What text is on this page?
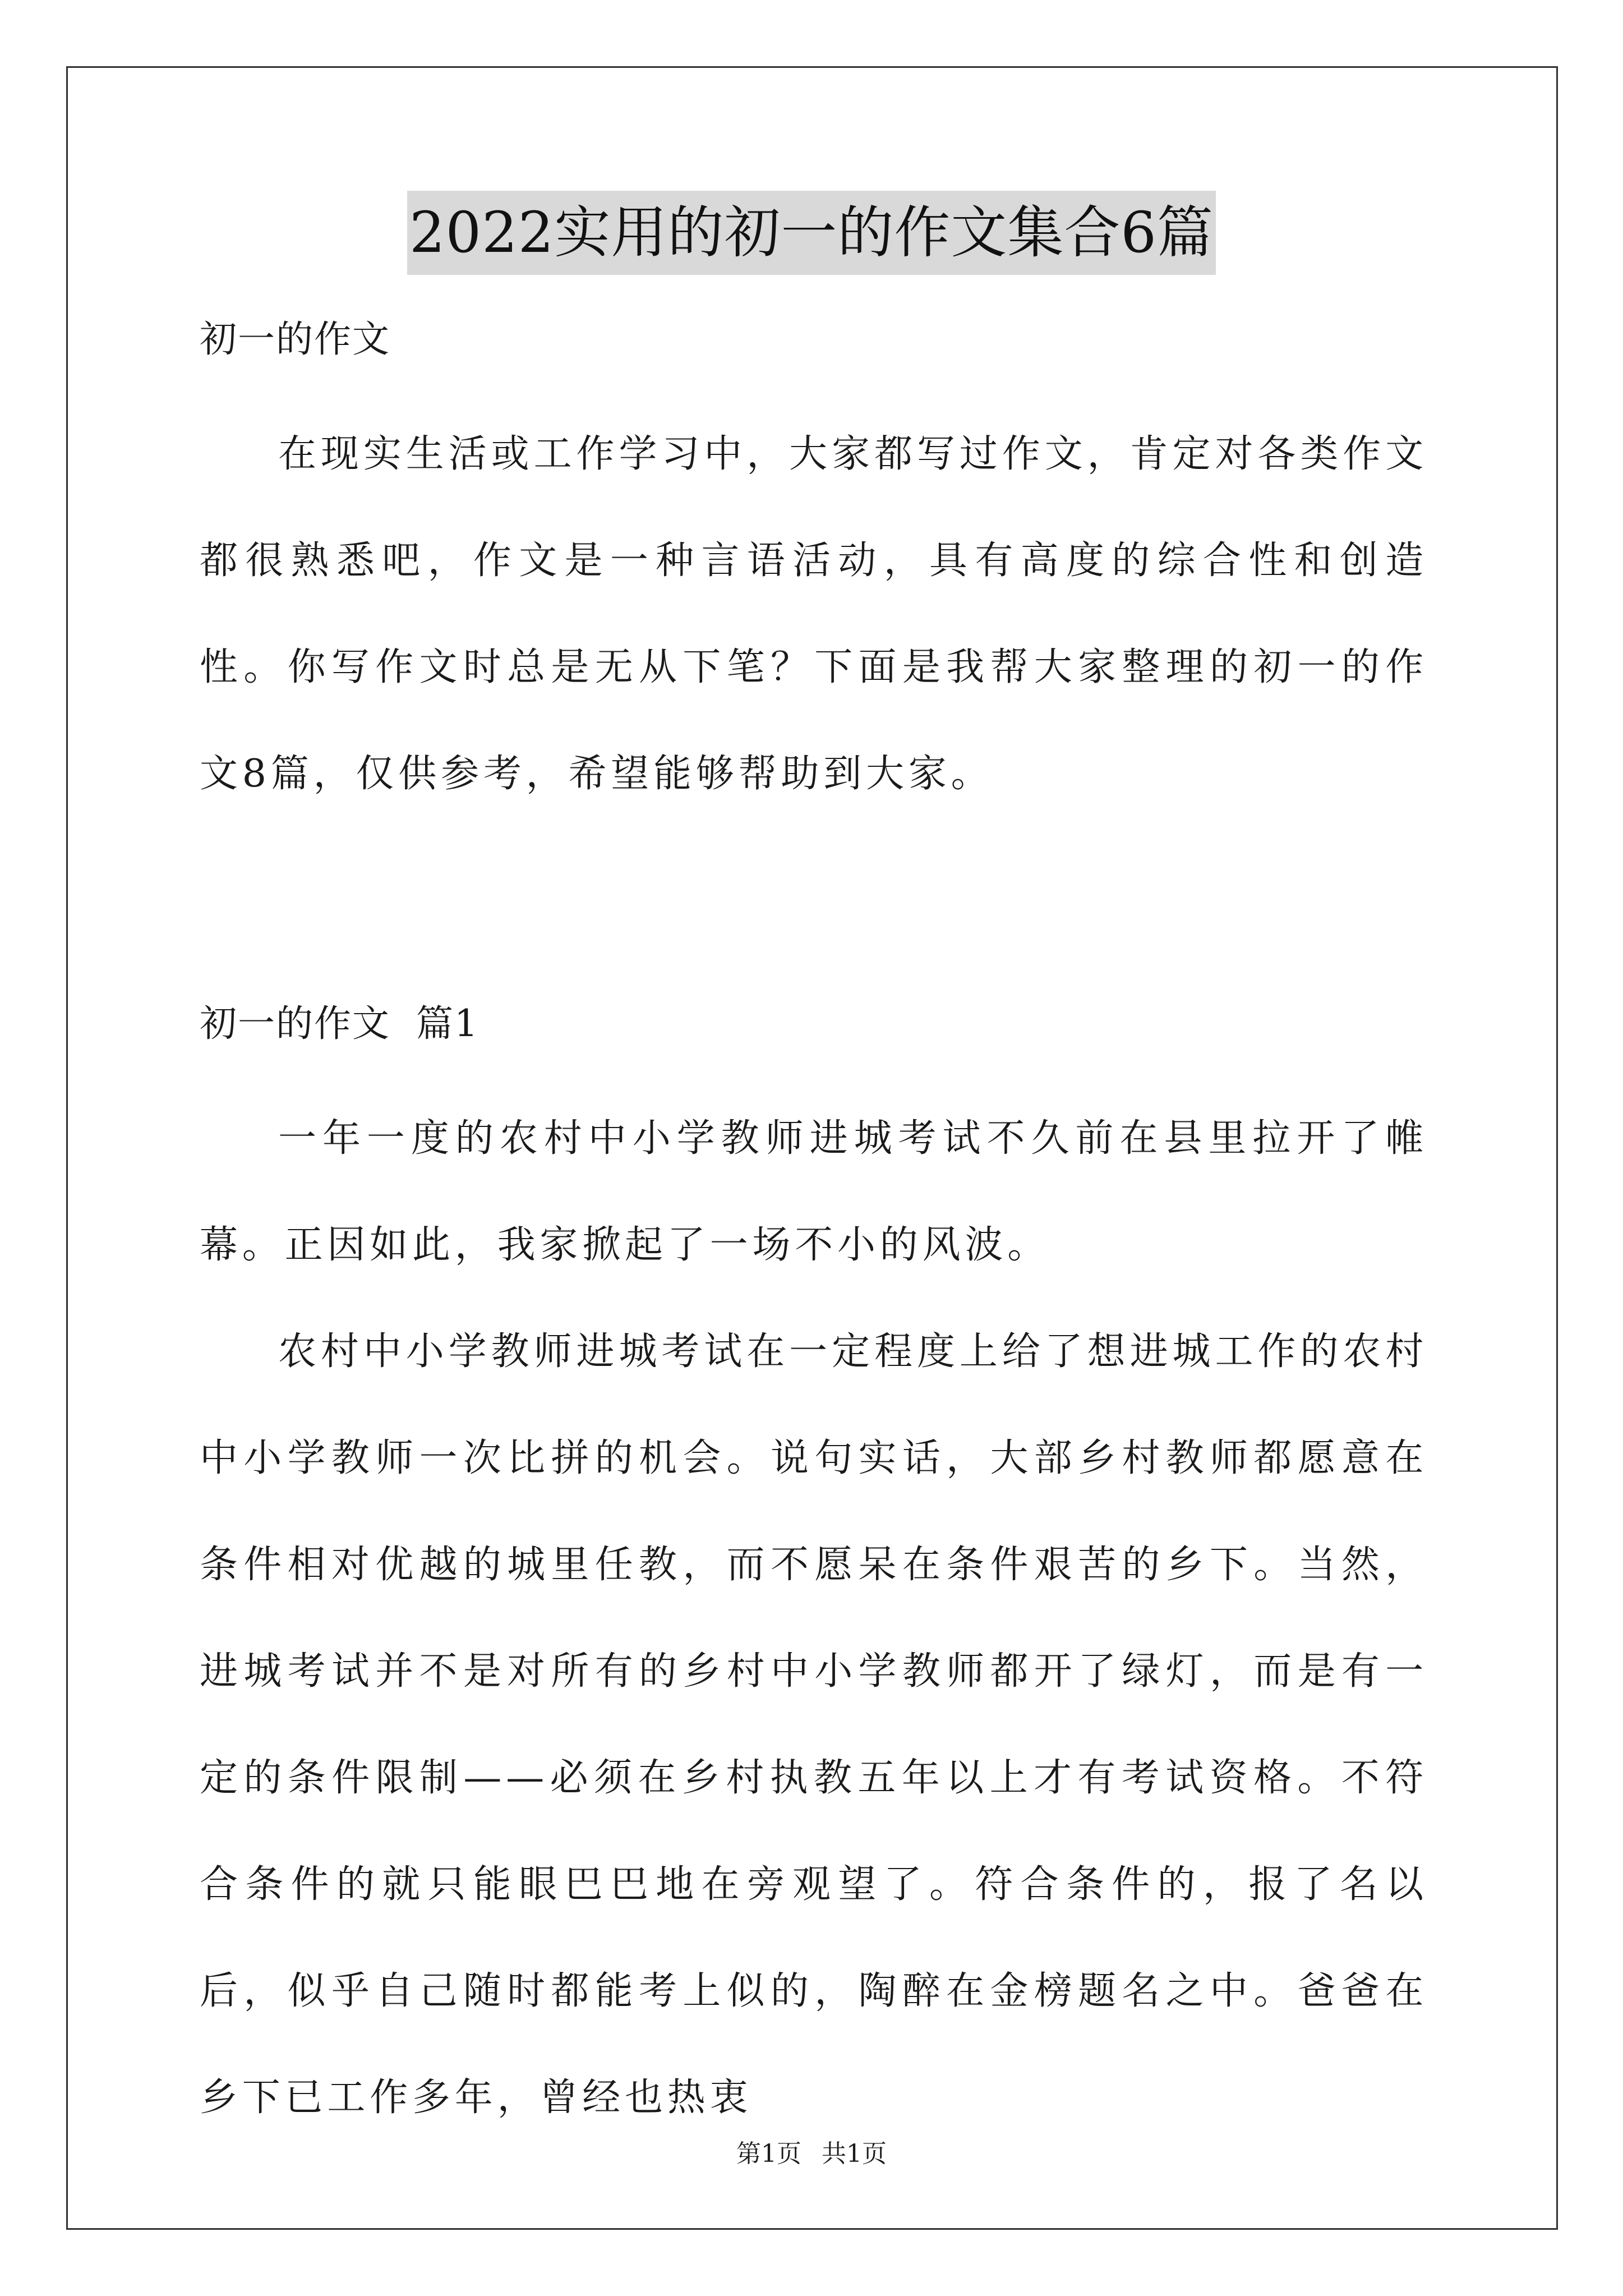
2022实用的初一的作文集合6篇

初一的作文

在现实生活或工作学习中，大家都写过作文，肯定对各类作文都很熟悉吧，作文是一种言语活动，具有高度的综合性和创造性。你写作文时总是无从下笔？下面是我帮大家整理的初一的作文8篇，仅供参考，希望能够帮助到大家。

初一的作文  篇1

一年一度的农村中小学教师进城考试不久前在县里拉开了帷幕。正因如此，我家掀起了一场不小的风波。

农村中小学教师进城考试在一定程度上给了想进城工作的农村中小学教师一次比拼的机会。说句实话，大部乡村教师都愿意在条件相对优越的城里任教，而不愿呆在条件艰苦的乡下。当然，进城考试并不是对所有的乡村中小学教师都开了绿灯，而是有一定的条件限制——必须在乡村执教五年以上才有考试资格。不符合条件的就只能眼巴巴地在旁观望了。符合条件的，报了名以后，似乎自己随时都能考上似的，陶醉在金榜题名之中。爸爸在乡下已工作多年，曾经也热衷

第1页 共1页
